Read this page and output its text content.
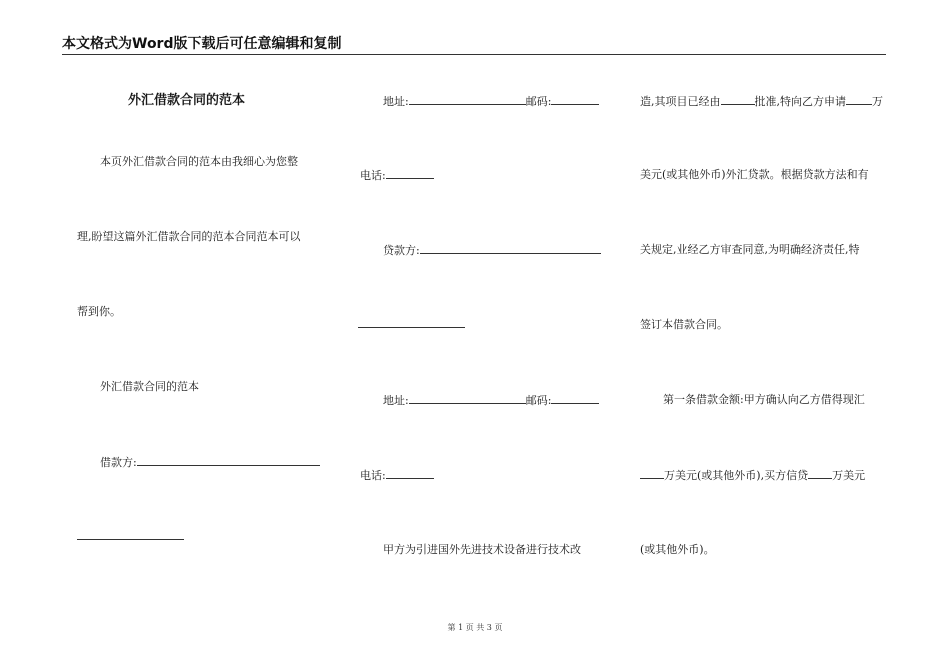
本文格式为Word版下载后可任意编辑和复制
外汇借款合同的范本
本页外汇借款合同的范本由我细心为您整
理,盼望这篇外汇借款合同的范本合同范本可以
帮到你。
外汇借款合同的范本
借款方:
地址:	邮码:
电话:
贷款方:
地址:	邮码:
电话:
甲方为引进国外先进技术设备进行技术改
造,其项目已经由	批准,特向乙方申请 万
美元(或其他外币)外汇贷款。根据贷款方法和有
关规定,业经乙方审查同意,为明确经济责任,特
签订本借款合同。
第一条借款金额:甲方确认向乙方借得现汇
万美元(或其他外币),买方信贷 万美元
(或其他外币)。
第 1 页 共 3 页
